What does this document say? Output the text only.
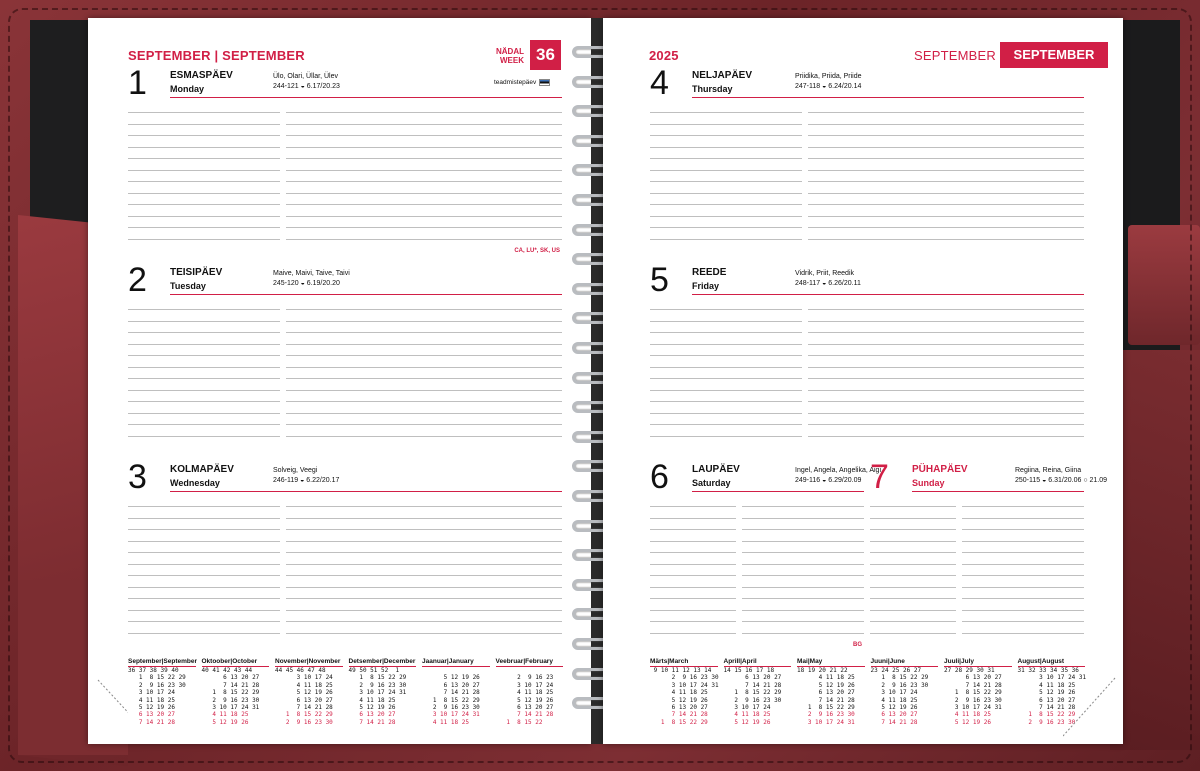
SEPTEMBER | SEPTEMBER	NÄDAL
WEEK 36
1 ESMASPÄEV
Monday
Ülo, Olari, Üllar, Ülev
244-121 ◒ 6.17/20.23
teadmistepäev
CA, LU*, SK, US
2 TEISIPÄEV
Tuesday
Maive, Maivi, Taive, Taivi
245-120 ◒ 6.19/20.20
3 KOLMAPÄEV
Wednesday
Solveig, Veegi
246-119 ◒ 6.22/20.17
September|September
36 37 38 39 40
1  8 15 22 29
2  9 16 23 30
3 10 17 24
4 11 18 25
5 12 19 26
6 13 20 27
7 14 21 28
Oktoober|October
40 41 42 43 44
6 13 20 27
7 14 21 28
1  8 15 22 29
2  9 16 23 30
3 10 17 24 31
4 11 18 25
5 12 19 26
November|November
44 45 46 47 48
3 10 17 24
4 11 18 25
5 12 19 26
6 13 20 27
7 14 21 28
1  8 15 22 29
2  9 16 23 30
Detsember|December
49 50 51 52  1
1  8 15 22 29
2  9 16 23 30
3 10 17 24 31
4 11 18 25
5 12 19 26
6 13 20 27
7 14 21 28
Jaanuar|January

5 12 19 26
6 13 20 27
7 14 21 28
1  8 15 22 29
2  9 16 23 30
3 10 17 24 31
4 11 18 25
Veebruar|February

2  9 16 23
3 10 17 24
4 11 18 25
5 12 19 26
6 13 20 27
7 14 21 28
1  8 15 22
2025	SEPTEMBER	SEPTEMBER
4 NELJAPÄEV
Thursday
Priidika, Priida, Priide
247-118 ◒ 6.24/20.14
5 REEDE
Friday
Vidrik, Priit, Reedik
248-117 ◒ 6.26/20.11
6 LAUPÄEV
Saturday
Ingel, Angela, Angelika, Aigi
249-116 ◒ 6.29/20.09
BG
7 PÜHAPÄEV
Sunday
Regiina, Reina, Giina
250-115 ◒ 6.31/20.06 ○ 21.09
Märts|March
9 10 11 12 13 14
2  9 16 23 30
3 10 17 24 31
4 11 18 25
5 12 19 26
6 13 20 27
7 14 21 28
1  8 15 22 29
Aprill|April
14 15 16 17 18
6 13 20 27
7 14 21 28
1  8 15 22 29
2  9 16 23 30
3 10 17 24
4 11 18 25
5 12 19 26
Mai|May
18 19 20 21 22
4 11 18 25
5 12 19 26
6 13 20 27
7 14 21 28
1  8 15 22 29
2  9 16 23 30
3 10 17 24 31
Juuni|June
23 24 25 26 27
1  8 15 22 29
2  9 16 23 30
3 10 17 24
4 11 18 25
5 12 19 26
6 13 20 27
7 14 21 28
Juuli|July
27 28 29 30 31
6 13 20 27
7 14 21 28
1  8 15 22 29
2  9 16 23 30
3 10 17 24 31
4 11 18 25
5 12 19 26
August|August
31 32 33 34 35 36
3 10 17 24 31
4 11 18 25
5 12 19 26
6 13 20 27
7 14 21 28
1  8 15 22 29
2  9 16 23 30
